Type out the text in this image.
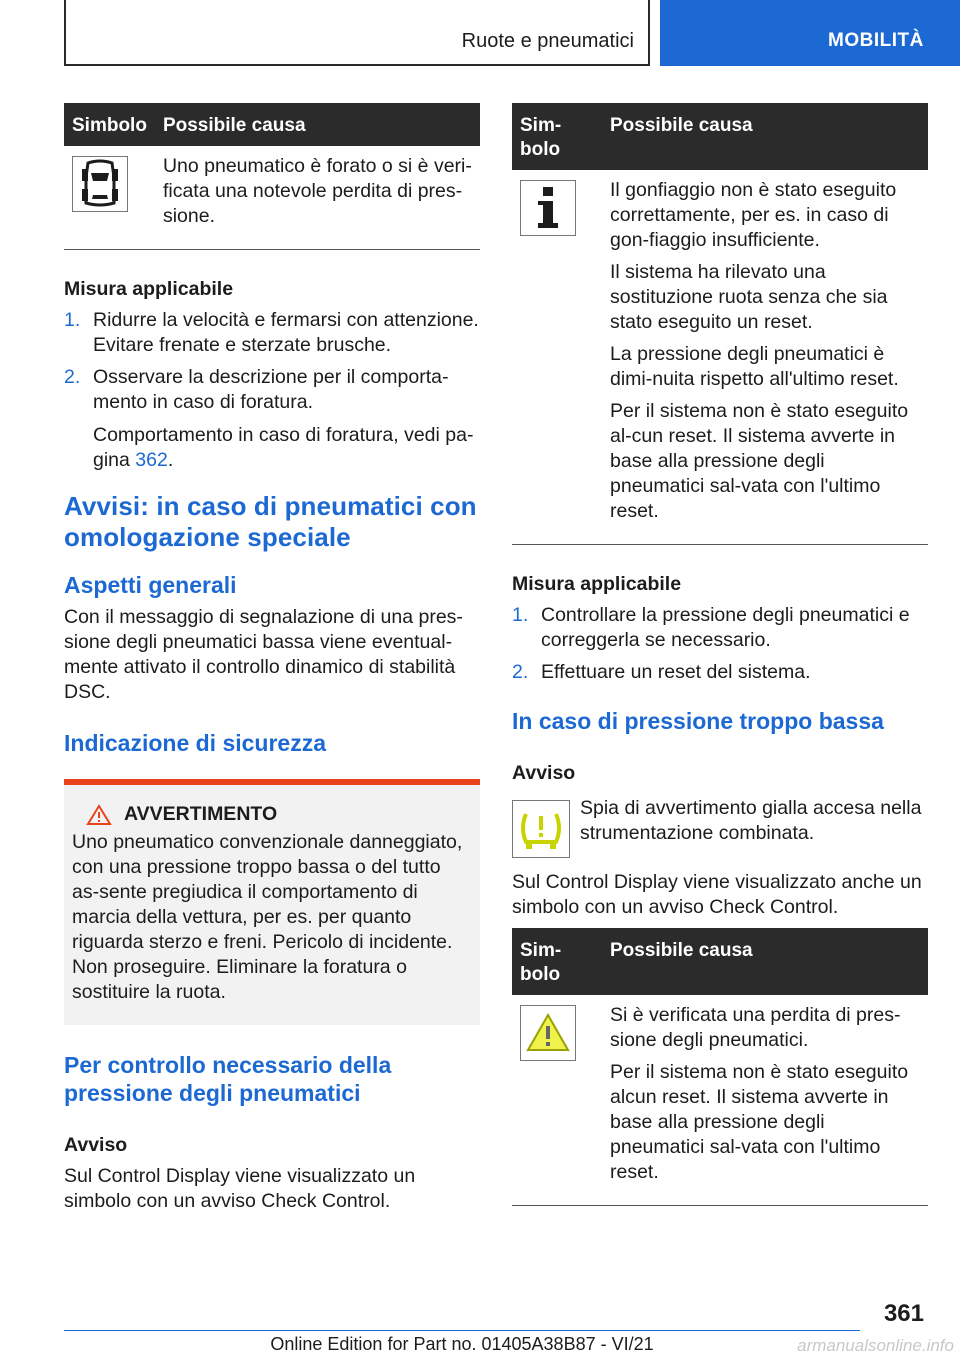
Ruote e pneumatici	MOBILITÀ
Simbolo	Possibile causa

Uno pneumatico è forato o si è veri-ficata una notevole perdita di pres-sione.

Misura applicabile
1. Ridurre la velocità e fermarsi con attenzione. Evitare frenate e sterzate brusche.
2. Osservare la descrizione per il comporta-mento in caso di foratura.

Comportamento in caso di foratura, vedi pa-gina 362.

Avvisi: in caso di pneumatici con omologazione speciale
Aspetti generali

Con il messaggio di segnalazione di una pres-sione degli pneumatici bassa viene eventual-mente attivato il controllo dinamico di stabilità DSC.

Indicazione di sicurezza
AVVERTIMENTO

Uno pneumatico convenzionale danneggiato, con una pressione troppo bassa o del tutto as-sente pregiudica il comportamento di marcia della vettura, per es. per quanto riguarda sterzo e freni. Pericolo di incidente. Non proseguire. Eliminare la foratura o sostituire la ruota.

Per controllo necessario della pressione degli pneumatici
Avviso

Sul Control Display viene visualizzato un simbolo con un avviso Check Control.

Sim-bolo	Possibile causa

Il gonfiaggio non è stato eseguito correttamente, per es. in caso di gon-fiaggio insufficiente.

Il sistema ha rilevato una sostituzione ruota senza che sia stato eseguito un reset.

La pressione degli pneumatici è dimi-nuita rispetto all'ultimo reset.

Per il sistema non è stato eseguito al-cun reset. Il sistema avverte in base alla pressione degli pneumatici sal-vata con l'ultimo reset.

Misura applicabile
1. Controllare la pressione degli pneumatici e correggerla se necessario.
2. Effettuare un reset del sistema.
In caso di pressione troppo bassa
Avviso

Spia di avvertimento gialla accesa nella strumentazione combinata.

Sul Control Display viene visualizzato anche un simbolo con un avviso Check Control.

Sim-bolo	Possibile causa

Si è verificata una perdita di pres-sione degli pneumatici.

Per il sistema non è stato eseguito alcun reset. Il sistema avverte in base alla pressione degli pneumatici sal-vata con l'ultimo reset.

361
Online Edition for Part no. 01405A38B87 - VI/21	armanualsonline.info
